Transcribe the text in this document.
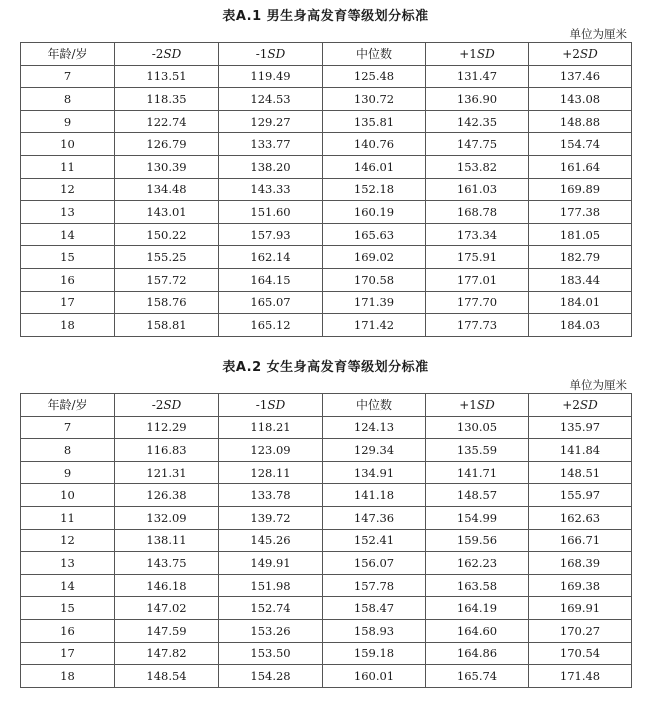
表A.1 男生身高发育等级划分标准
单位为厘米
年龄/岁	-2SD	-1SD	中位数	+1SD	+2SD
7	113.51	119.49	125.48	131.47	137.46
8	118.35	124.53	130.72	136.90	143.08
9	122.74	129.27	135.81	142.35	148.88
10	126.79	133.77	140.76	147.75	154.74
11	130.39	138.20	146.01	153.82	161.64
12	134.48	143.33	152.18	161.03	169.89
13	143.01	151.60	160.19	168.78	177.38
14	150.22	157.93	165.63	173.34	181.05
15	155.25	162.14	169.02	175.91	182.79
16	157.72	164.15	170.58	177.01	183.44
17	158.76	165.07	171.39	177.70	184.01
18	158.81	165.12	171.42	177.73	184.03
表A.2 女生身高发育等级划分标准
单位为厘米
年龄/岁	-2SD	-1SD	中位数	+1SD	+2SD
7	112.29	118.21	124.13	130.05	135.97
8	116.83	123.09	129.34	135.59	141.84
9	121.31	128.11	134.91	141.71	148.51
10	126.38	133.78	141.18	148.57	155.97
11	132.09	139.72	147.36	154.99	162.63
12	138.11	145.26	152.41	159.56	166.71
13	143.75	149.91	156.07	162.23	168.39
14	146.18	151.98	157.78	163.58	169.38
15	147.02	152.74	158.47	164.19	169.91
16	147.59	153.26	158.93	164.60	170.27
17	147.82	153.50	159.18	164.86	170.54
18	148.54	154.28	160.01	165.74	171.48
